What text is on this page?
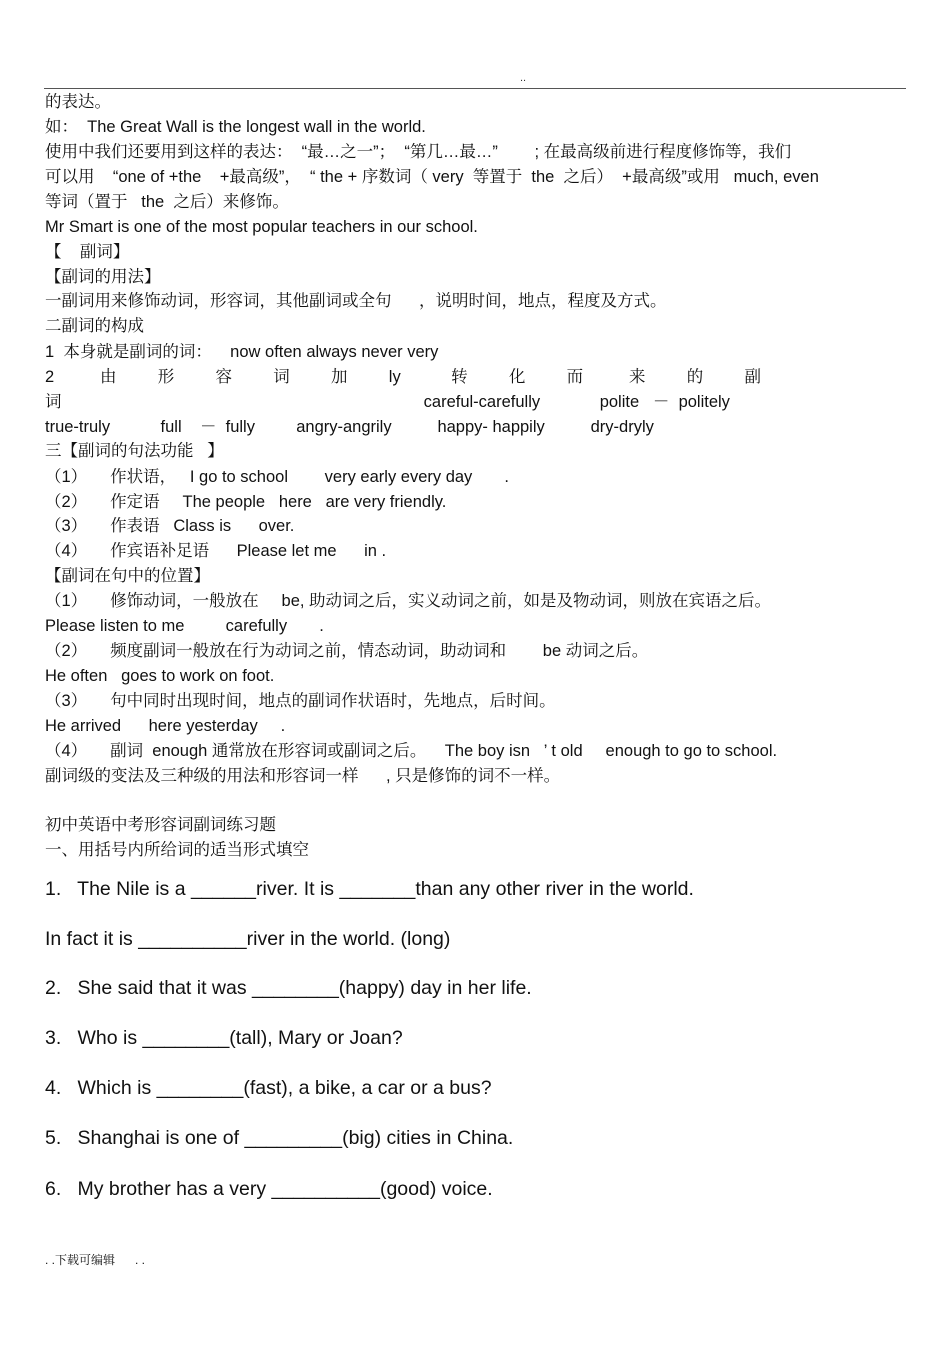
..
的表达。
如：  The Great Wall is the longest wall in the world.
使用中我们还要用到这样的表达：  “最…之一”；  “第几…最…”        ; 在最高级前进行程度修饰等，我们
可以用    “one of +the    +最高级”，  “ the + 序数词（ very  等置于  the  之后）  +最高级”或用   much, even
等词（置于   the  之后）来修饰。
Mr Smart is one of the most popular teachers in our school.
【    副词】
【副词的用法】
一副词用来修饰动词，形容词，其他副词或全句      ，说明时间，地点，程度及方式。
二副词的构成
1  本身就是副词的词：    now often always never very
2          由         形         容         词         加         ly           转         化         而          来         的         副
词                                                                               careful-carefully             polite   －  politely
true-truly           full    －  fully         angry-angrily          happy- happily          dry-dryly
三【副词的句法功能   】
（1）     作状语，   I go to school        very early every day       .
（2）     作定语     The people   here   are very friendly.
（3）     作表语   Class is      over.
（4）     作宾语补足语      Please let me      in .
【副词在句中的位置】
（1）     修饰动词，一般放在     be, 助动词之后，实义动词之前，如是及物动词，则放在宾语之后。
Please listen to me         carefully       .
（2）     频度副词一般放在行为动词之前，情态动词，助动词和        be 动词之后。
He often   goes to work on foot.
（3）     句中同时出现时间，地点的副词作状语时，先地点，后时间。
He arrived      here yesterday     .
（4）     副词  enough 通常放在形容词或副词之后。    The boy isn   ’ t old     enough to go to school.
副词级的变法及三种级的用法和形容词一样      , 只是修饰的词不一样。
初中英语中考形容词副词练习题
一、用括号内所给词的适当形式填空
1.   The Nile is a ______river. It is _______than any other river in the world.
In fact it is __________river in the world. (long)
2.   She said that it was ________(happy) day in her life.
3.   Who is ________(tall), Mary or Joan?
4.   Which is ________(fast), a bike, a car or a bus?
5.   Shanghai is one of _________(big) cities in China.
6.   My brother has a very __________(good) voice.
. .下载可编辑      . .
